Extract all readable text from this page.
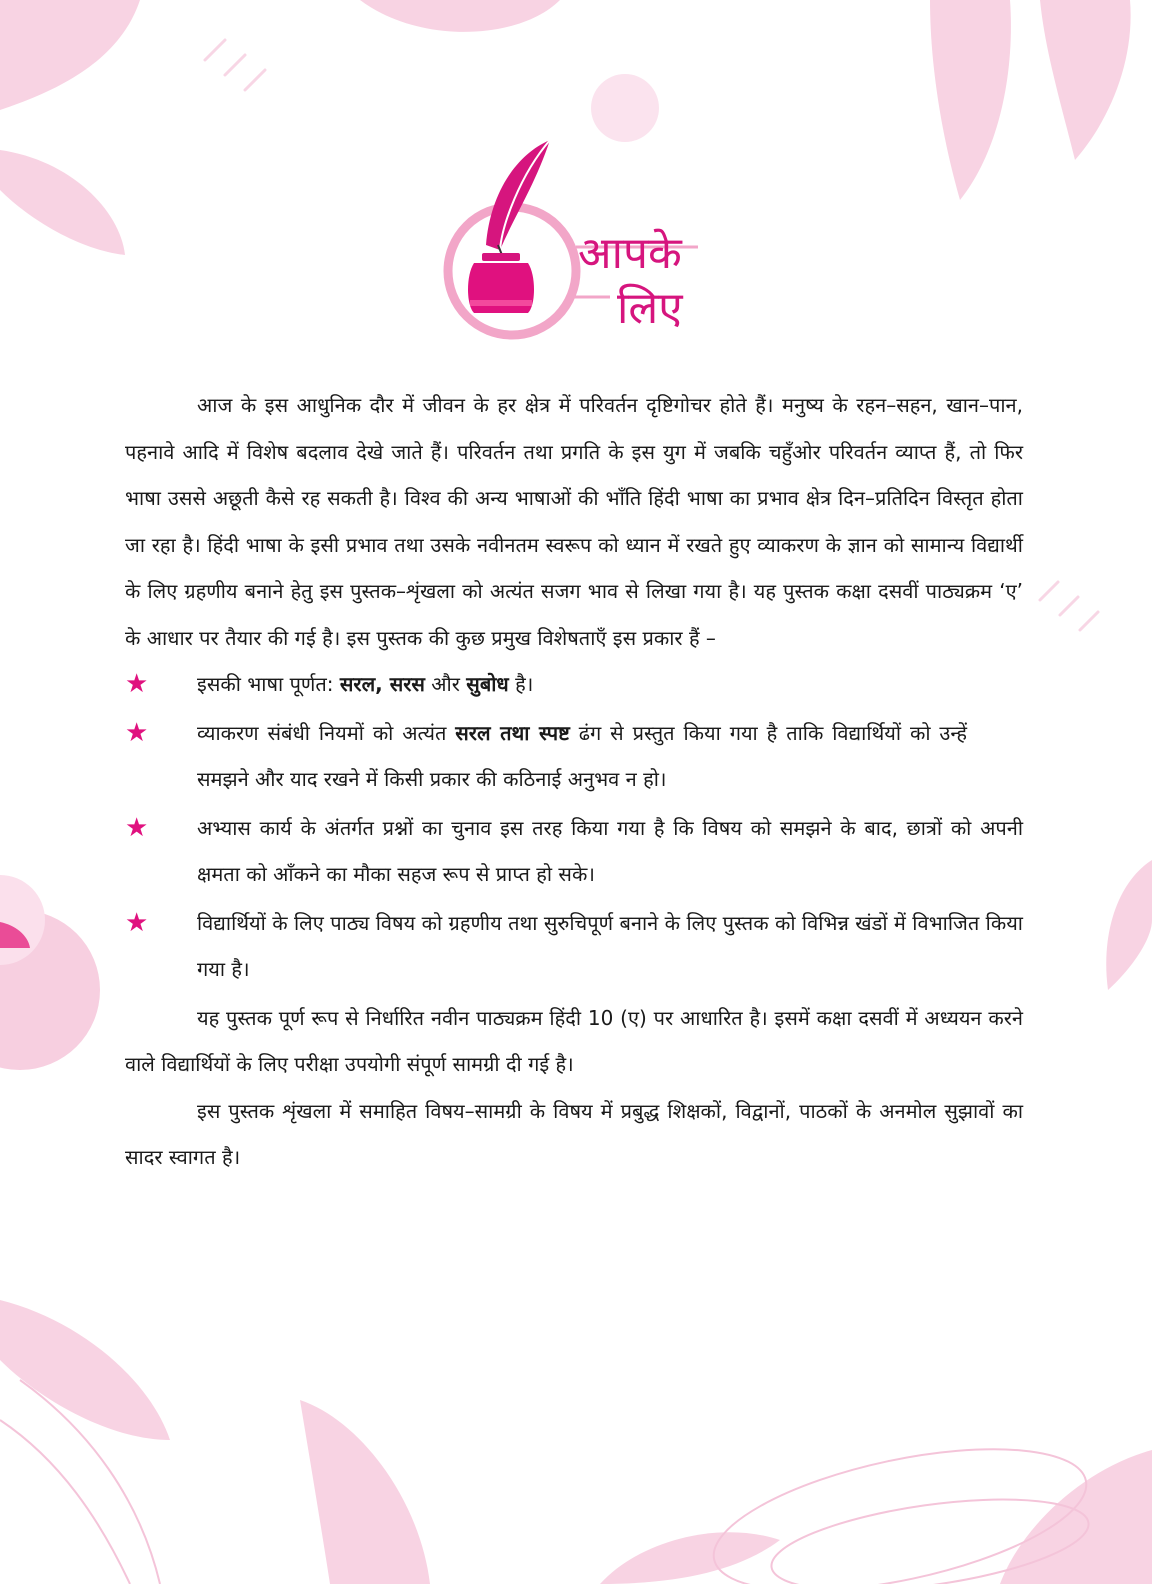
आपके
लिए

आज के इस आधुनिक दौर में जीवन के हर क्षेत्र में परिवर्तन दृष्टिगोचर होते हैं। मनुष्य के रहन–सहन, खान–पान, पहनावे आदि में विशेष बदलाव देखे जाते हैं। परिवर्तन तथा प्रगति के इस युग में जबकि चहुँओर परिवर्तन व्याप्त हैं, तो फिर भाषा उससे अछूती कैसे रह सकती है। विश्व की अन्य भाषाओं की भाँति हिंदी भाषा का प्रभाव क्षेत्र दिन–प्रतिदिन विस्तृत होता जा रहा है। हिंदी भाषा के इसी प्रभाव तथा उसके नवीनतम स्वरूप को ध्यान में रखते हुए व्याकरण के ज्ञान को सामान्य विद्यार्थी के लिए ग्रहणीय बनाने हेतु इस पुस्तक–शृंखला को अत्यंत सजग भाव से लिखा गया है। यह पुस्तक कक्षा दसवीं पाठ्यक्रम ‘ए’ के आधार पर तैयार की गई है। इस पुस्तक की कुछ प्रमुख विशेषताएँ इस प्रकार हैं –

★ इसकी भाषा पूर्णत: सरल, सरस और सुबोध है।
★ व्याकरण संबंधी नियमों को अत्यंत सरल तथा स्पष्ट ढंग से प्रस्तुत किया गया है ताकि विद्यार्थियों को उन्हें समझने और याद रखने में किसी प्रकार की कठिनाई अनुभव न हो।
★ अभ्यास कार्य के अंतर्गत प्रश्नों का चुनाव इस तरह किया गया है कि विषय को समझने के बाद, छात्रों को अपनी क्षमता को आँकने का मौका सहज रूप से प्राप्त हो सके।
★ विद्यार्थियों के लिए पाठ्य विषय को ग्रहणीय तथा सुरुचिपूर्ण बनाने के लिए पुस्तक को विभिन्न खंडों में विभाजित किया गया है।

यह पुस्तक पूर्ण रूप से निर्धारित नवीन पाठ्यक्रम हिंदी 10 (ए) पर आधारित है। इसमें कक्षा दसवीं में अध्ययन करने वाले विद्यार्थियों के लिए परीक्षा उपयोगी संपूर्ण सामग्री दी गई है।

इस पुस्तक शृंखला में समाहित विषय–सामग्री के विषय में प्रबुद्ध शिक्षकों, विद्वानों, पाठकों के अनमोल सुझावों का सादर स्वागत है।
